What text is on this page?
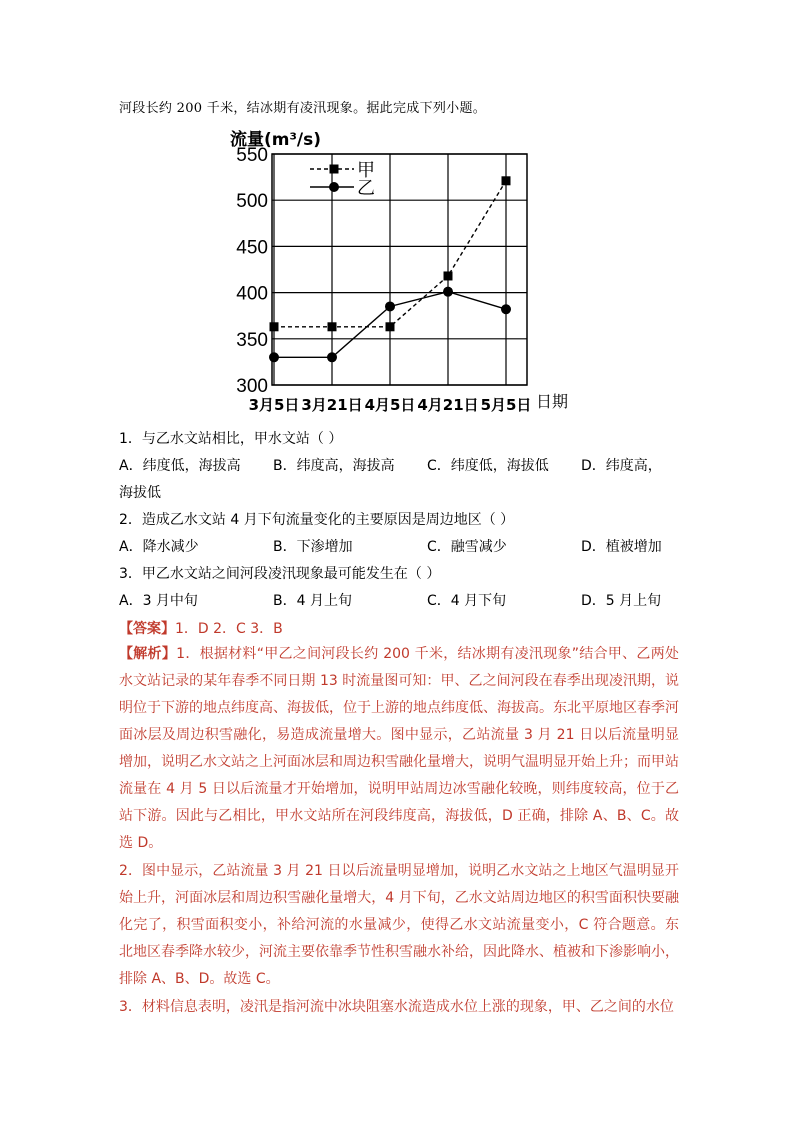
河段长约 200 千米，结冰期有凌汛现象。据此完成下列小题。
300
350
400
450
500
550
流量(m³/s)
3月5日 3月21日 4月5日 4月21日 5月5日 日期
甲
乙
1．与乙水文站相比，甲水文站（ ）
A．纬度低，海拔高 B．纬度高，海拔高 C．纬度低，海拔低 D．纬度高，
海拔低
2．造成乙水文站 4 月下旬流量变化的主要原因是周边地区（ ）
A．降水减少	B．下渗增加	C．融雪减少	D．植被增加
3．甲乙水文站之间河段凌汛现象最可能发生在（ ）
A．3 月中旬	B．4 月上旬	C．4 月下旬	D．5 月上旬
【答案】1．D 2．C 3．B
【解析】1．根据材料“甲乙之间河段长约 200 千米，结冰期有凌汛现象”结合甲、乙两处水文站记录的某年春季不同日期 13 时流量图可知：甲、乙之间河段在春季出现凌汛期，说明位于下游的地点纬度高、海拔低，位于上游的地点纬度低、海拔高。东北平原地区春季河面冰层及周边积雪融化，易造成流量增大。图中显示，乙站流量 3 月 21 日以后流量明显增加，说明乙水文站之上河面冰层和周边积雪融化量增大，说明气温明显开始上升；而甲站流量在 4 月 5 日以后流量才开始增加，说明甲站周边冰雪融化较晚，则纬度较高，位于乙站下游。因此与乙相比，甲水文站所在河段纬度高，海拔低，D 正确，排除 A、B、C。故选 D。
2．图中显示，乙站流量 3 月 21 日以后流量明显增加，说明乙水文站之上地区气温明显开始上升，河面冰层和周边积雪融化量增大，4 月下旬，乙水文站周边地区的积雪面积快要融化完了，积雪面积变小，补给河流的水量减少，使得乙水文站流量变小，C 符合题意。东北地区春季降水较少，河流主要依靠季节性积雪融水补给，因此降水、植被和下渗影响小，排除 A、B、D。故选 C。
3．材料信息表明，凌汛是指河流中冰块阻塞水流造成水位上涨的现象，甲、乙之间的水位
